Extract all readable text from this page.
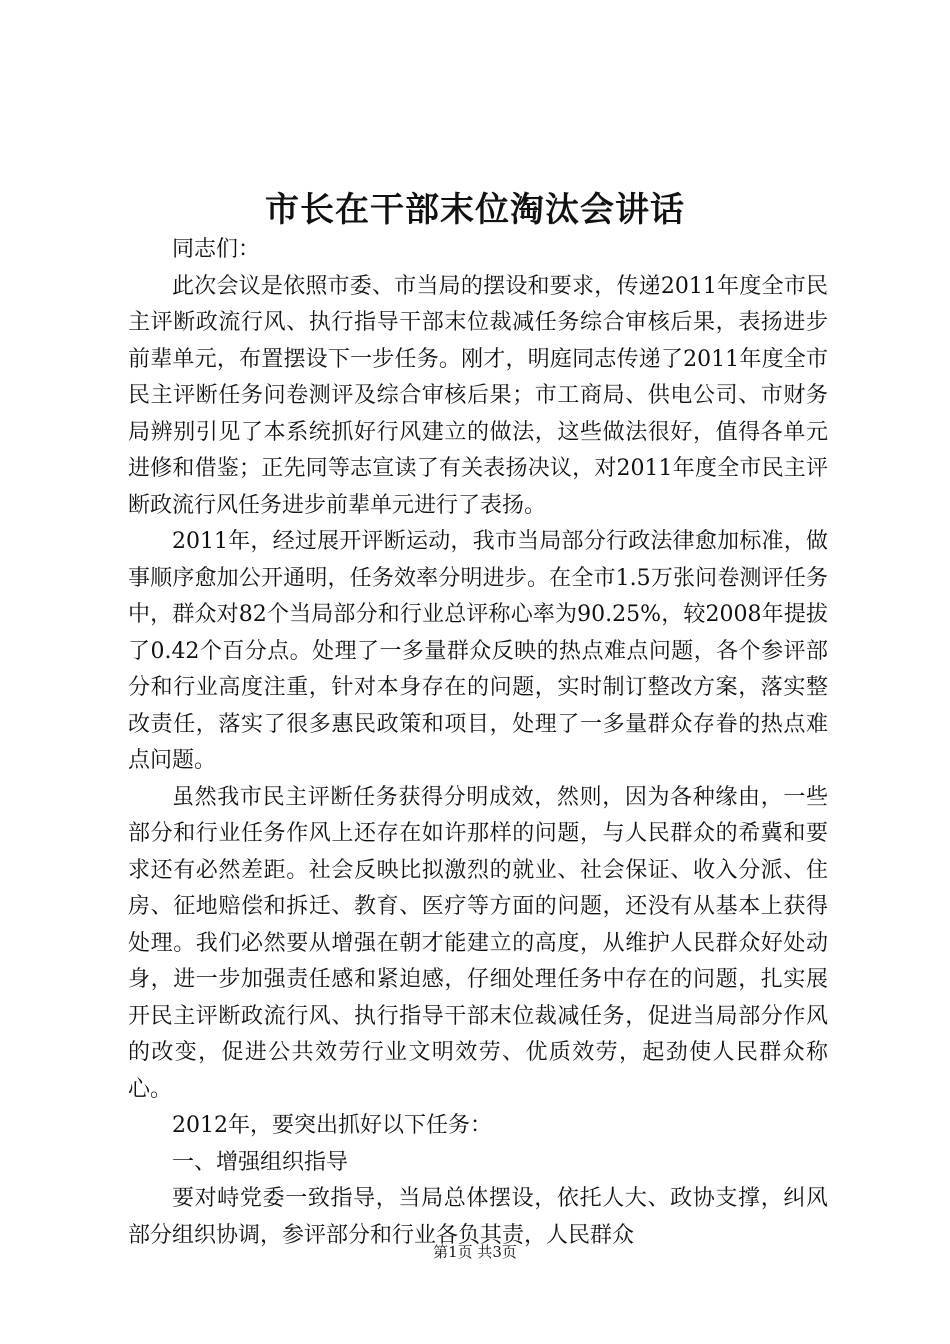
市长在干部末位淘汰会讲话

同志们：

此次会议是依照市委、市当局的摆设和要求，传递2011年度全市民主评断政流行风、执行指导干部末位裁减任务综合审核后果，表扬进步前辈单元，布置摆设下一步任务。刚才，明庭同志传递了2011年度全市民主评断任务问卷测评及综合审核后果；市工商局、供电公司、市财务局辨别引见了本系统抓好行风建立的做法，这些做法很好，值得各单元进修和借鉴；正先同等志宣读了有关表扬决议，对2011年度全市民主评断政流行风任务进步前辈单元进行了表扬。

2011年，经过展开评断运动，我市当局部分行政法律愈加标准，做事顺序愈加公开通明，任务效率分明进步。在全市1.5万张问卷测评任务中，群众对82个当局部分和行业总评称心率为90.25%，较2008年提拔了0.42个百分点。处理了一多量群众反映的热点难点问题，各个参评部分和行业高度注重，针对本身存在的问题，实时制订整改方案，落实整改责任，落实了很多惠民政策和项目，处理了一多量群众存眷的热点难点问题。

虽然我市民主评断任务获得分明成效，然则，因为各种缘由，一些部分和行业任务作风上还存在如许那样的问题，与人民群众的希冀和要求还有必然差距。社会反映比拟激烈的就业、社会保证、收入分派、住房、征地赔偿和拆迁、教育、医疗等方面的问题，还没有从基本上获得处理。我们必然要从增强在朝才能建立的高度，从维护人民群众好处动身，进一步加强责任感和紧迫感，仔细处理任务中存在的问题，扎实展开民主评断政流行风、执行指导干部末位裁减任务，促进当局部分作风的改变，促进公共效劳行业文明效劳、优质效劳，起劲使人民群众称心。

2012年，要突出抓好以下任务：

一、增强组织指导

要对峙党委一致指导，当局总体摆设，依托人大、政协支撑，纠风部分组织协调，参评部分和行业各负其责，人民群众

第1页 共3页
